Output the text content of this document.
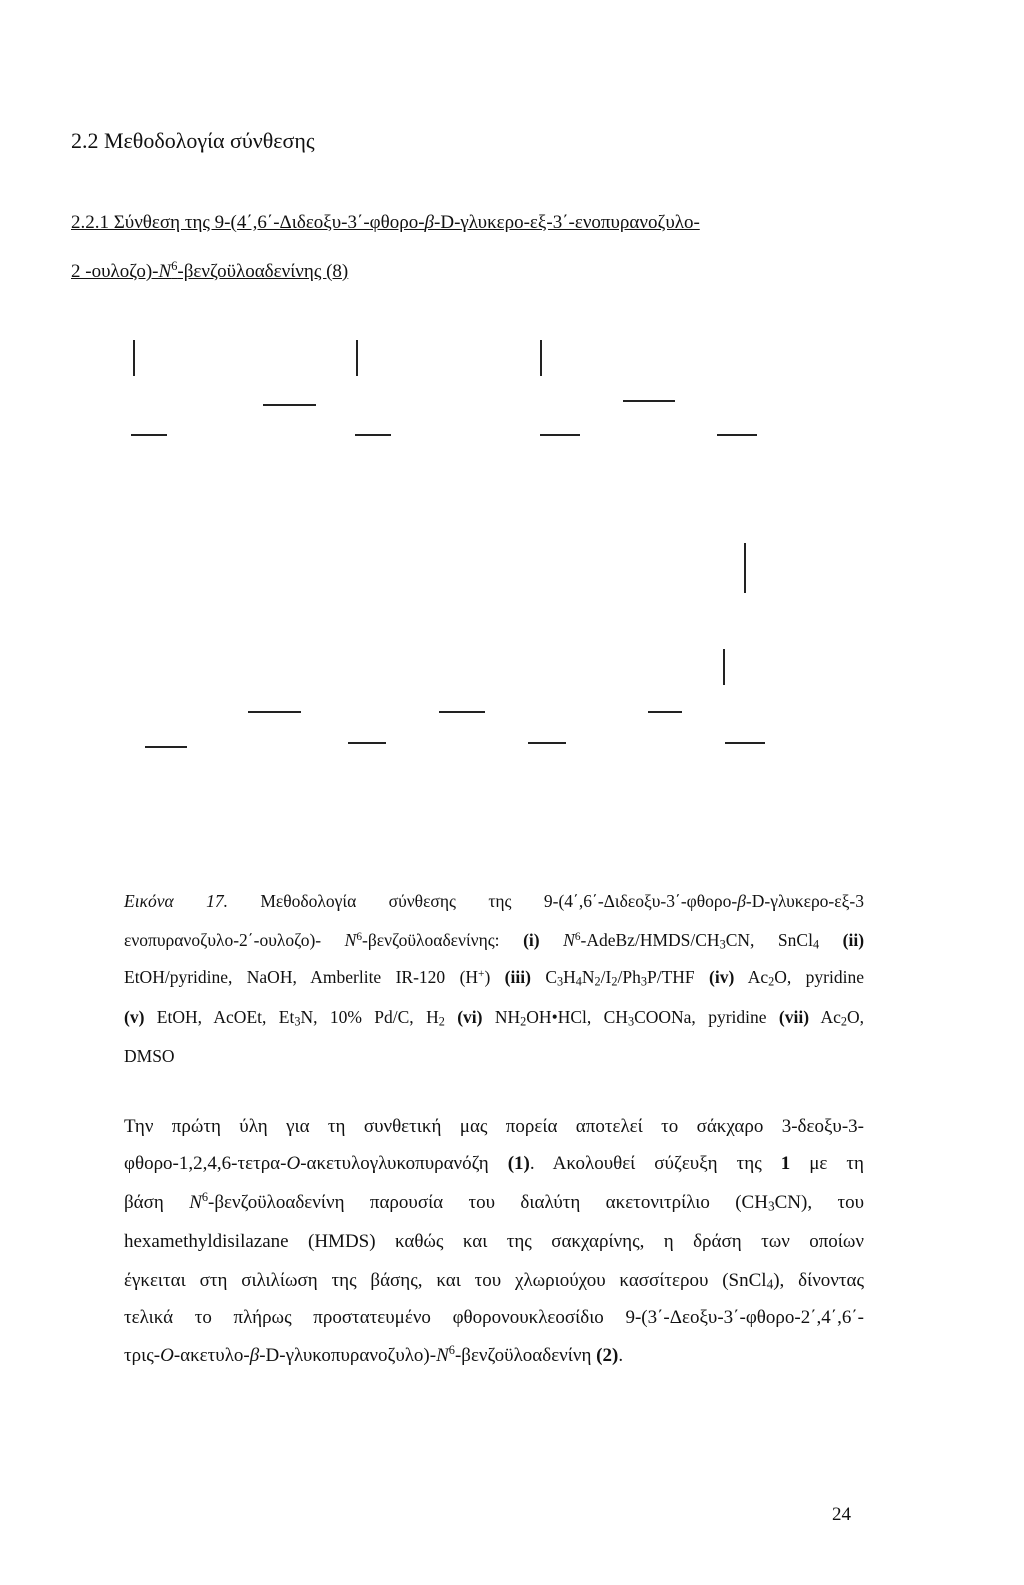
2.2 Μεθοδολογία σύνθεσης
2.2.1 Σύνθεση της 9-(4΄,6΄-Διδεοξυ-3΄-φθορο-β-D-γλυκερο-εξ-3΄-ενοπυρανοζυλο-
2 $-o\upsilon\lambda o\zeta o)-N^6$-βενζοϋλοαδενίνης (8)
Εικόνα 17. Μεθοδολογία σύνθεσης της 9-(4΄,6΄-Διδεοξυ-3΄-φθορο-β-D-γλυκερο-εξ-3
ενοπυρανοζυλο-2΄-ουλοζο)- $N^6$-βενζοϋλοαδενίνης: (i) $N^6-AdeBz/HMDS/CH_3CN$, SnCl$_4$ (ii)
EtOH/pyridine, NaOH, Amberlite IR-120 (H+) (iii) $C_3H_4N_2/I_2/Ph_3P$/THF (iv) $Ac_2O$, pyridine
(v) EtOH, AcOEt, $Et_3N$, 10% Pd/C, $H_2$ (vi) $NH_2OH•HCl$, $CH_3COONa$, pyridine (vii) $Ac_2O$,
DMSO
Την πρώτη ύλη για τη συνθετική μας πορεία αποτελεί το σάκχαρο 3-δεοξυ-3-
φθορο-1,2,4,6-τετρα-O-ακετυλογλυκοπυρανόζη (1). Ακολουθεί σύζευξη της 1 με τη
βάση $N^6$-βενζοϋλοαδενίνη παρουσία του διαλύτη ακετονιτρίλιο $(CH_3CN)$, του
hexamethyldisilazane (HMDS) καθώς και της σακχαρίνης, η δράση των οποίων
έγκειται στη σιλιλίωση της βάσης, και του χλωριούχου κασσίτερου (SnCl$_4$), δίνοντας
τελικά το πλήρως προστατευμένο φθορονουκλεοσίδιο 9-(3΄-Δεοξυ-3΄-φθορο-2΄,4΄,6΄-
τρις-$O-\alpha\kappa\varepsilon\tau\upsilon\lambda o-\beta-D-\gamma\lambda\upsilon\kappa o\pi\upsilon\rho\alpha\nu o\zeta\upsilon\lambda o)-N^6$-βενζοϋλοαδενίνη (2).
24
